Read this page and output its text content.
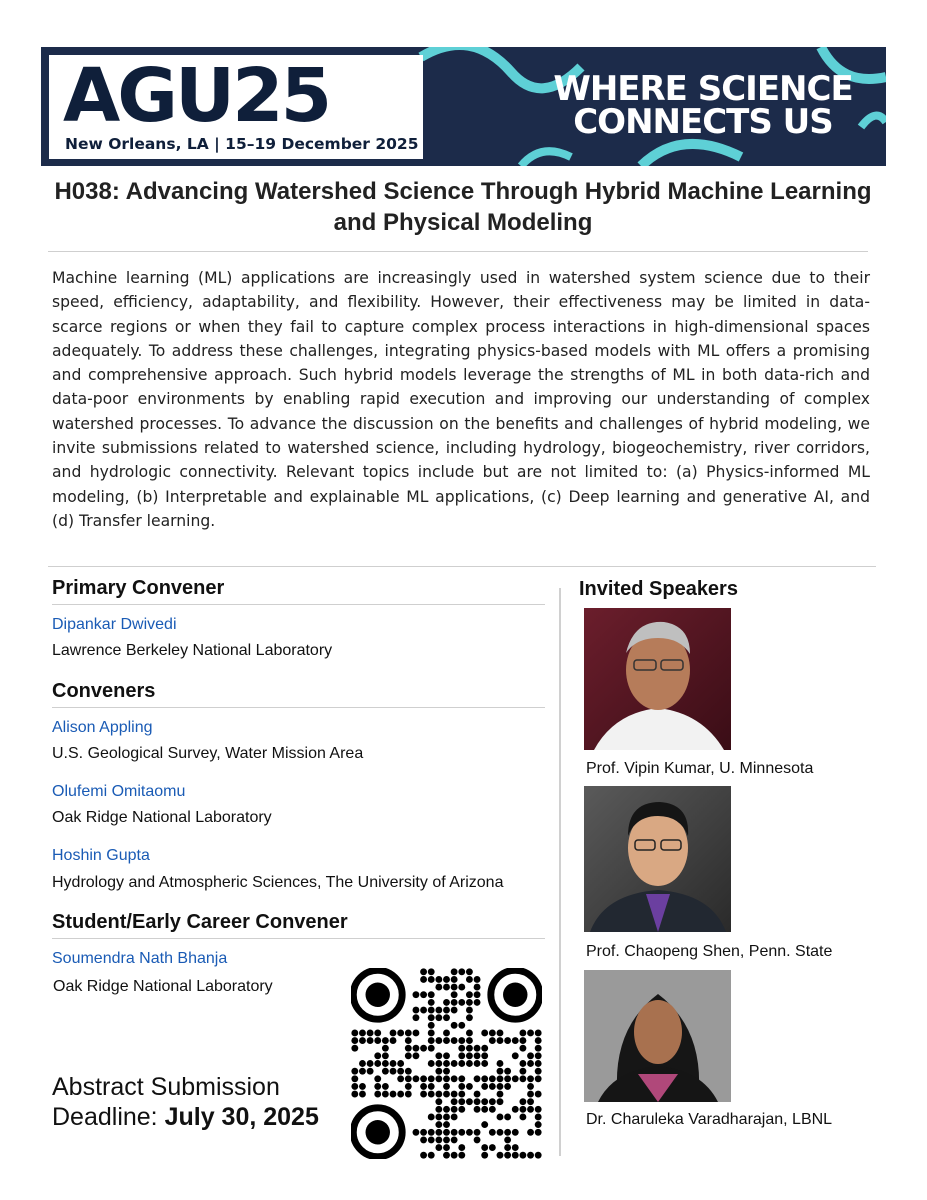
AGU25
New Orleans, LA | 15–19 December 2025
WHERE SCIENCE
CONNECTS US
H038: Advancing Watershed Science Through Hybrid Machine Learning and Physical Modeling
Machine learning (ML) applications are increasingly used in watershed system science due to their speed, efficiency, adaptability, and flexibility. However, their effectiveness may be limited in data-scarce regions or when they fail to capture complex process interactions in high-dimensional spaces adequately. To address these challenges, integrating physics-based models with ML offers a promising and comprehensive approach. Such hybrid models leverage the strengths of ML in both data-rich and data-poor environments by enabling rapid execution and improving our understanding of complex watershed processes. To advance the discussion on the benefits and challenges of hybrid modeling, we invite submissions related to watershed science, including hydrology, biogeochemistry, river corridors, and hydrologic connectivity. Relevant topics include but are not limited to: (a) Physics-informed ML modeling, (b) Interpretable and explainable ML applications, (c) Deep learning and generative AI, and (d) Transfer learning.
Primary Convener
Dipankar Dwivedi
Lawrence Berkeley National Laboratory
Conveners
Alison Appling
U.S. Geological Survey, Water Mission Area
Olufemi Omitaomu
Oak Ridge National Laboratory
Hoshin Gupta
Hydrology and Atmospheric Sciences, The University of Arizona
Student/Early Career Convener
Soumendra Nath Bhanja
Oak Ridge National Laboratory
Invited Speakers
Prof. Vipin Kumar, U. Minnesota
Prof. Chaopeng Shen, Penn. State
Dr. Charuleka Varadharajan, LBNL
Abstract Submission
Deadline: July 30, 2025
